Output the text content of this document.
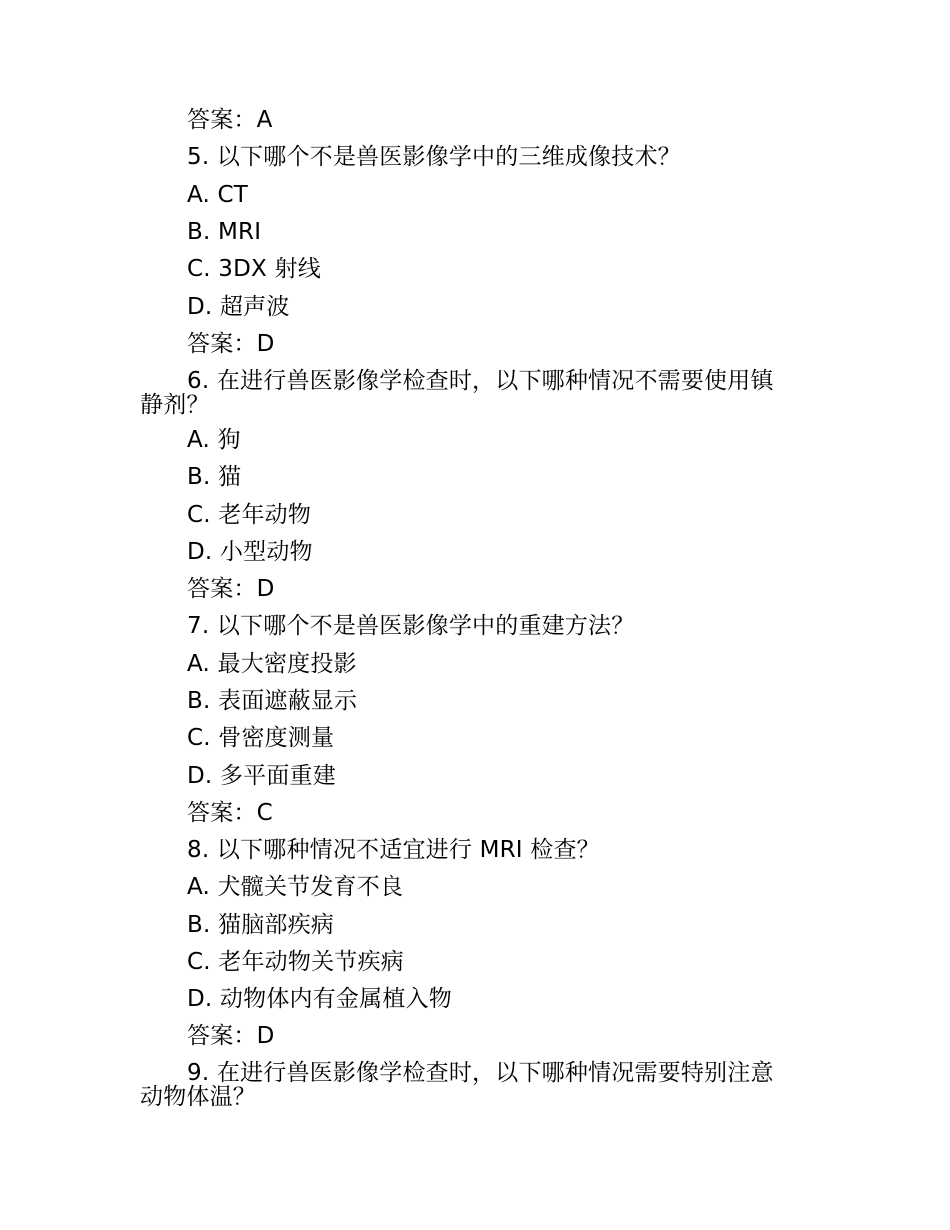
答案：A
5. 以下哪个不是兽医影像学中的三维成像技术？
A. CT
B. MRI
C. 3DX 射线
D. 超声波
答案：D
6. 在进行兽医影像学检查时，以下哪种情况不需要使用镇
静剂？
A. 狗
B. 猫
C. 老年动物
D. 小型动物
答案：D
7. 以下哪个不是兽医影像学中的重建方法？
A. 最大密度投影
B. 表面遮蔽显示
C. 骨密度测量
D. 多平面重建
答案：C
8. 以下哪种情况不适宜进行 MRI 检查？
A. 犬髋关节发育不良
B. 猫脑部疾病
C. 老年动物关节疾病
D. 动物体内有金属植入物
答案：D
9. 在进行兽医影像学检查时，以下哪种情况需要特别注意
动物体温？
